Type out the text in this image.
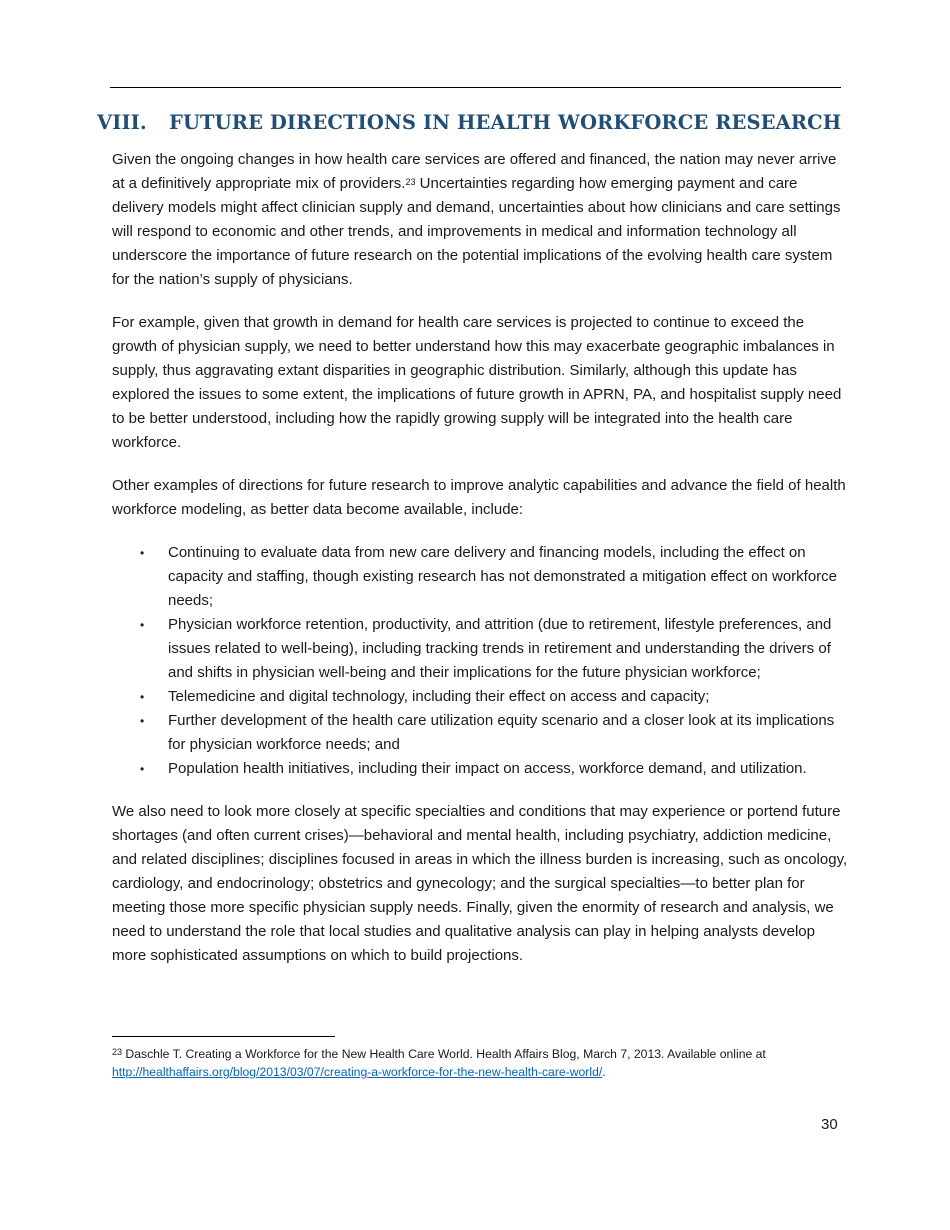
VIII. FUTURE DIRECTIONS IN HEALTH WORKFORCE RESEARCH

Given the ongoing changes in how health care services are offered and financed, the nation may never arrive at a definitively appropriate mix of providers.$^{23}$ Uncertainties regarding how emerging payment and care delivery models might affect clinician supply and demand, uncertainties about how clinicians and care settings will respond to economic and other trends, and improvements in medical and information technology all underscore the importance of future research on the potential implications of the evolving health care system for the nation’s supply of physicians.

For example, given that growth in demand for health care services is projected to continue to exceed the growth of physician supply, we need to better understand how this may exacerbate geographic imbalances in supply, thus aggravating extant disparities in geographic distribution. Similarly, although this update has explored the issues to some extent, the implications of future growth in APRN, PA, and hospitalist supply need to be better understood, including how the rapidly growing supply will be integrated into the health care workforce.

Other examples of directions for future research to improve analytic capabilities and advance the field of health workforce modeling, as better data become available, include:

• Continuing to evaluate data from new care delivery and financing models, including the effect on capacity and staffing, though existing research has not demonstrated a mitigation effect on workforce needs;
• Physician workforce retention, productivity, and attrition (due to retirement, lifestyle preferences, and issues related to well-being), including tracking trends in retirement and understanding the drivers of and shifts in physician well-being and their implications for the future physician workforce;
• Telemedicine and digital technology, including their effect on access and capacity;
• Further development of the health care utilization equity scenario and a closer look at its implications for physician workforce needs; and
• Population health initiatives, including their impact on access, workforce demand, and utilization.

We also need to look more closely at specific specialties and conditions that may experience or portend future shortages (and often current crises)—behavioral and mental health, including psychiatry, addiction medicine, and related disciplines; disciplines focused in areas in which the illness burden is increasing, such as oncology, cardiology, and endocrinology; obstetrics and gynecology; and the surgical specialties—to better plan for meeting those more specific physician supply needs. Finally, given the enormity of research and analysis, we need to understand the role that local studies and qualitative analysis can play in helping analysts develop more sophisticated assumptions on which to build projections.

$^{23}$ Daschle T. Creating a Workforce for the New Health Care World. Health Affairs Blog, March 7, 2013. Available online at http://healthaffairs.org/blog/2013/03/07/creating-a-workforce-for-the-new-health-care-world/.
30
